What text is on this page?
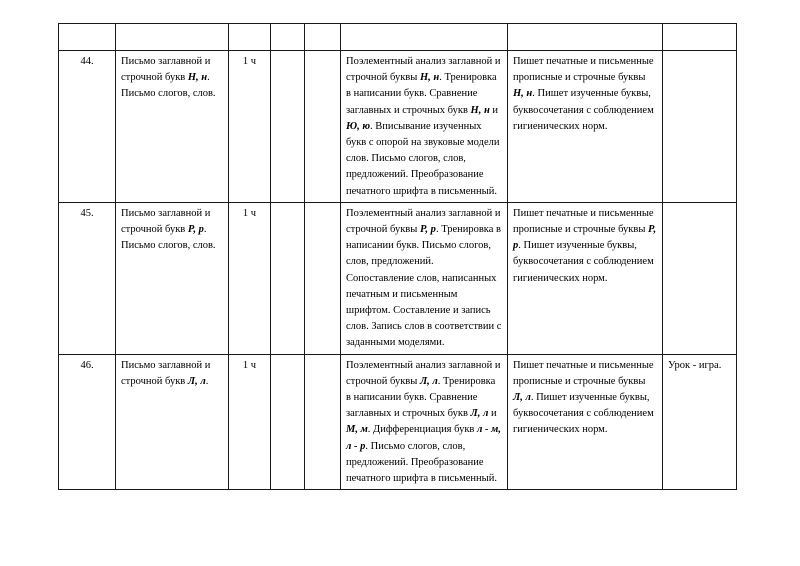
44.	Письмо заглавной и строчной букв Н, н. Письмо слогов, слов.	1 ч			Поэлементный анализ заглавной и строчной буквы Н, н. Тренировка в написании букв. Сравнение заглавных и строчных букв Н, н и Ю, ю. Вписывание изученных букв с опорой на звуковые модели слов. Письмо слогов, слов, предложений. Преобразование печатного шрифта в письменный.	Пишет печатные и письменные прописные и строчные буквы Н, н. Пишет изученные буквы, буквосочетания с соблюдением гигиенических норм.	
45.	Письмо заглавной и строчной букв Р, р. Письмо слогов, слов.	1 ч			Поэлементный анализ заглавной и строчной буквы Р, р. Тренировка в написании букв. Письмо слогов, слов, предложений. Сопоставление слов, написанных печатным и письменным шрифтом. Составление и запись слов. Запись слов в соответствии с заданными моделями.	Пишет печатные и письменные прописные и строчные буквы Р, р. Пишет изученные буквы, буквосочетания с соблюдением гигиенических норм.	
46.	Письмо заглавной и строчной букв Л, л.	1 ч			Поэлементный анализ заглавной и строчной буквы Л, л. Тренировка в написании букв. Сравнение заглавных и строчных букв Л, л и М, м. Дифференциация букв л - м, л - р. Письмо слогов, слов, предложений. Преобразование печатного шрифта в письменный.	Пишет печатные и письменные прописные и строчные буквы Л, л. Пишет изученные буквы, буквосочетания с соблюдением гигиенических норм.	Урок - игра.
